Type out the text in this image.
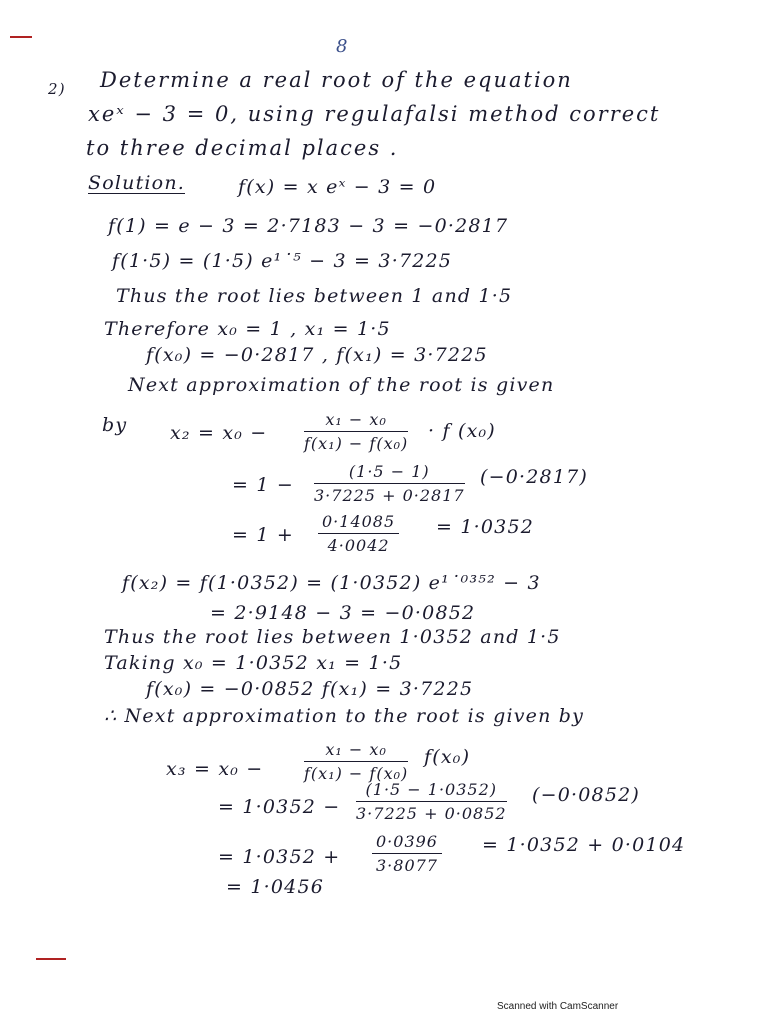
8
2) Determine a real root of the equation
xeˣ − 3 = 0, using regulafalsi method correct
to three decimal places .
Solution.	f(x) = x eˣ − 3 = 0
f(1) = e − 3 = 2·7183 − 3 = −0·2817
f(1·5) = (1·5) e¹˙⁵ − 3 = 3·7225
Thus the root lies between 1 and 1·5
Therefore x₀ = 1 , x₁ = 1·5
f(x₀) = −0·2817 , f(x₁) = 3·7225
Next approximation of the root is given
by $x_2 = x_0 - \frac{\text{x₁ − x₀}}{\text{f(x₁) − f(x₀)}} \cdot f$ (x₀)
= $1 - \frac{(1\cdot 5 - 1)}{3\cdot 7225 + 0\cdot 2817} (-0\cdot 2817)$
= $1 + \frac{0\cdot 14085}{4\cdot 0042} = 1\cdot 0352$
f(x₂) = f(1·0352) = (1·0352) e¹˙⁰³⁵² − 3
= 2·9148 − 3 = −0·0852
Thus the root lies between 1·0352 and 1·5
Taking x₀ = 1·0352 x₁ = 1·5
f(x₀) = −0·0852 f(x₁) = 3·7225
∴ Next approximation to the root is given by
x₃ = x₀ −	$\frac{\text{x₁ − x₀}}{\text{f(x₁) − f(x₀)}} f(x_0)$
= $1\cdot 0352 - \frac{(1\cdot 5 - 1\cdot 0352)}{3\cdot 7225 + 0\cdot 0852} (-0\cdot 0852)$
= $1\cdot 0352 + \frac{0\cdot 0396}{3\cdot 8077} = 1\cdot 0352 + 0\cdot 0104$
= 1·0456
Scanned with CamScanner
